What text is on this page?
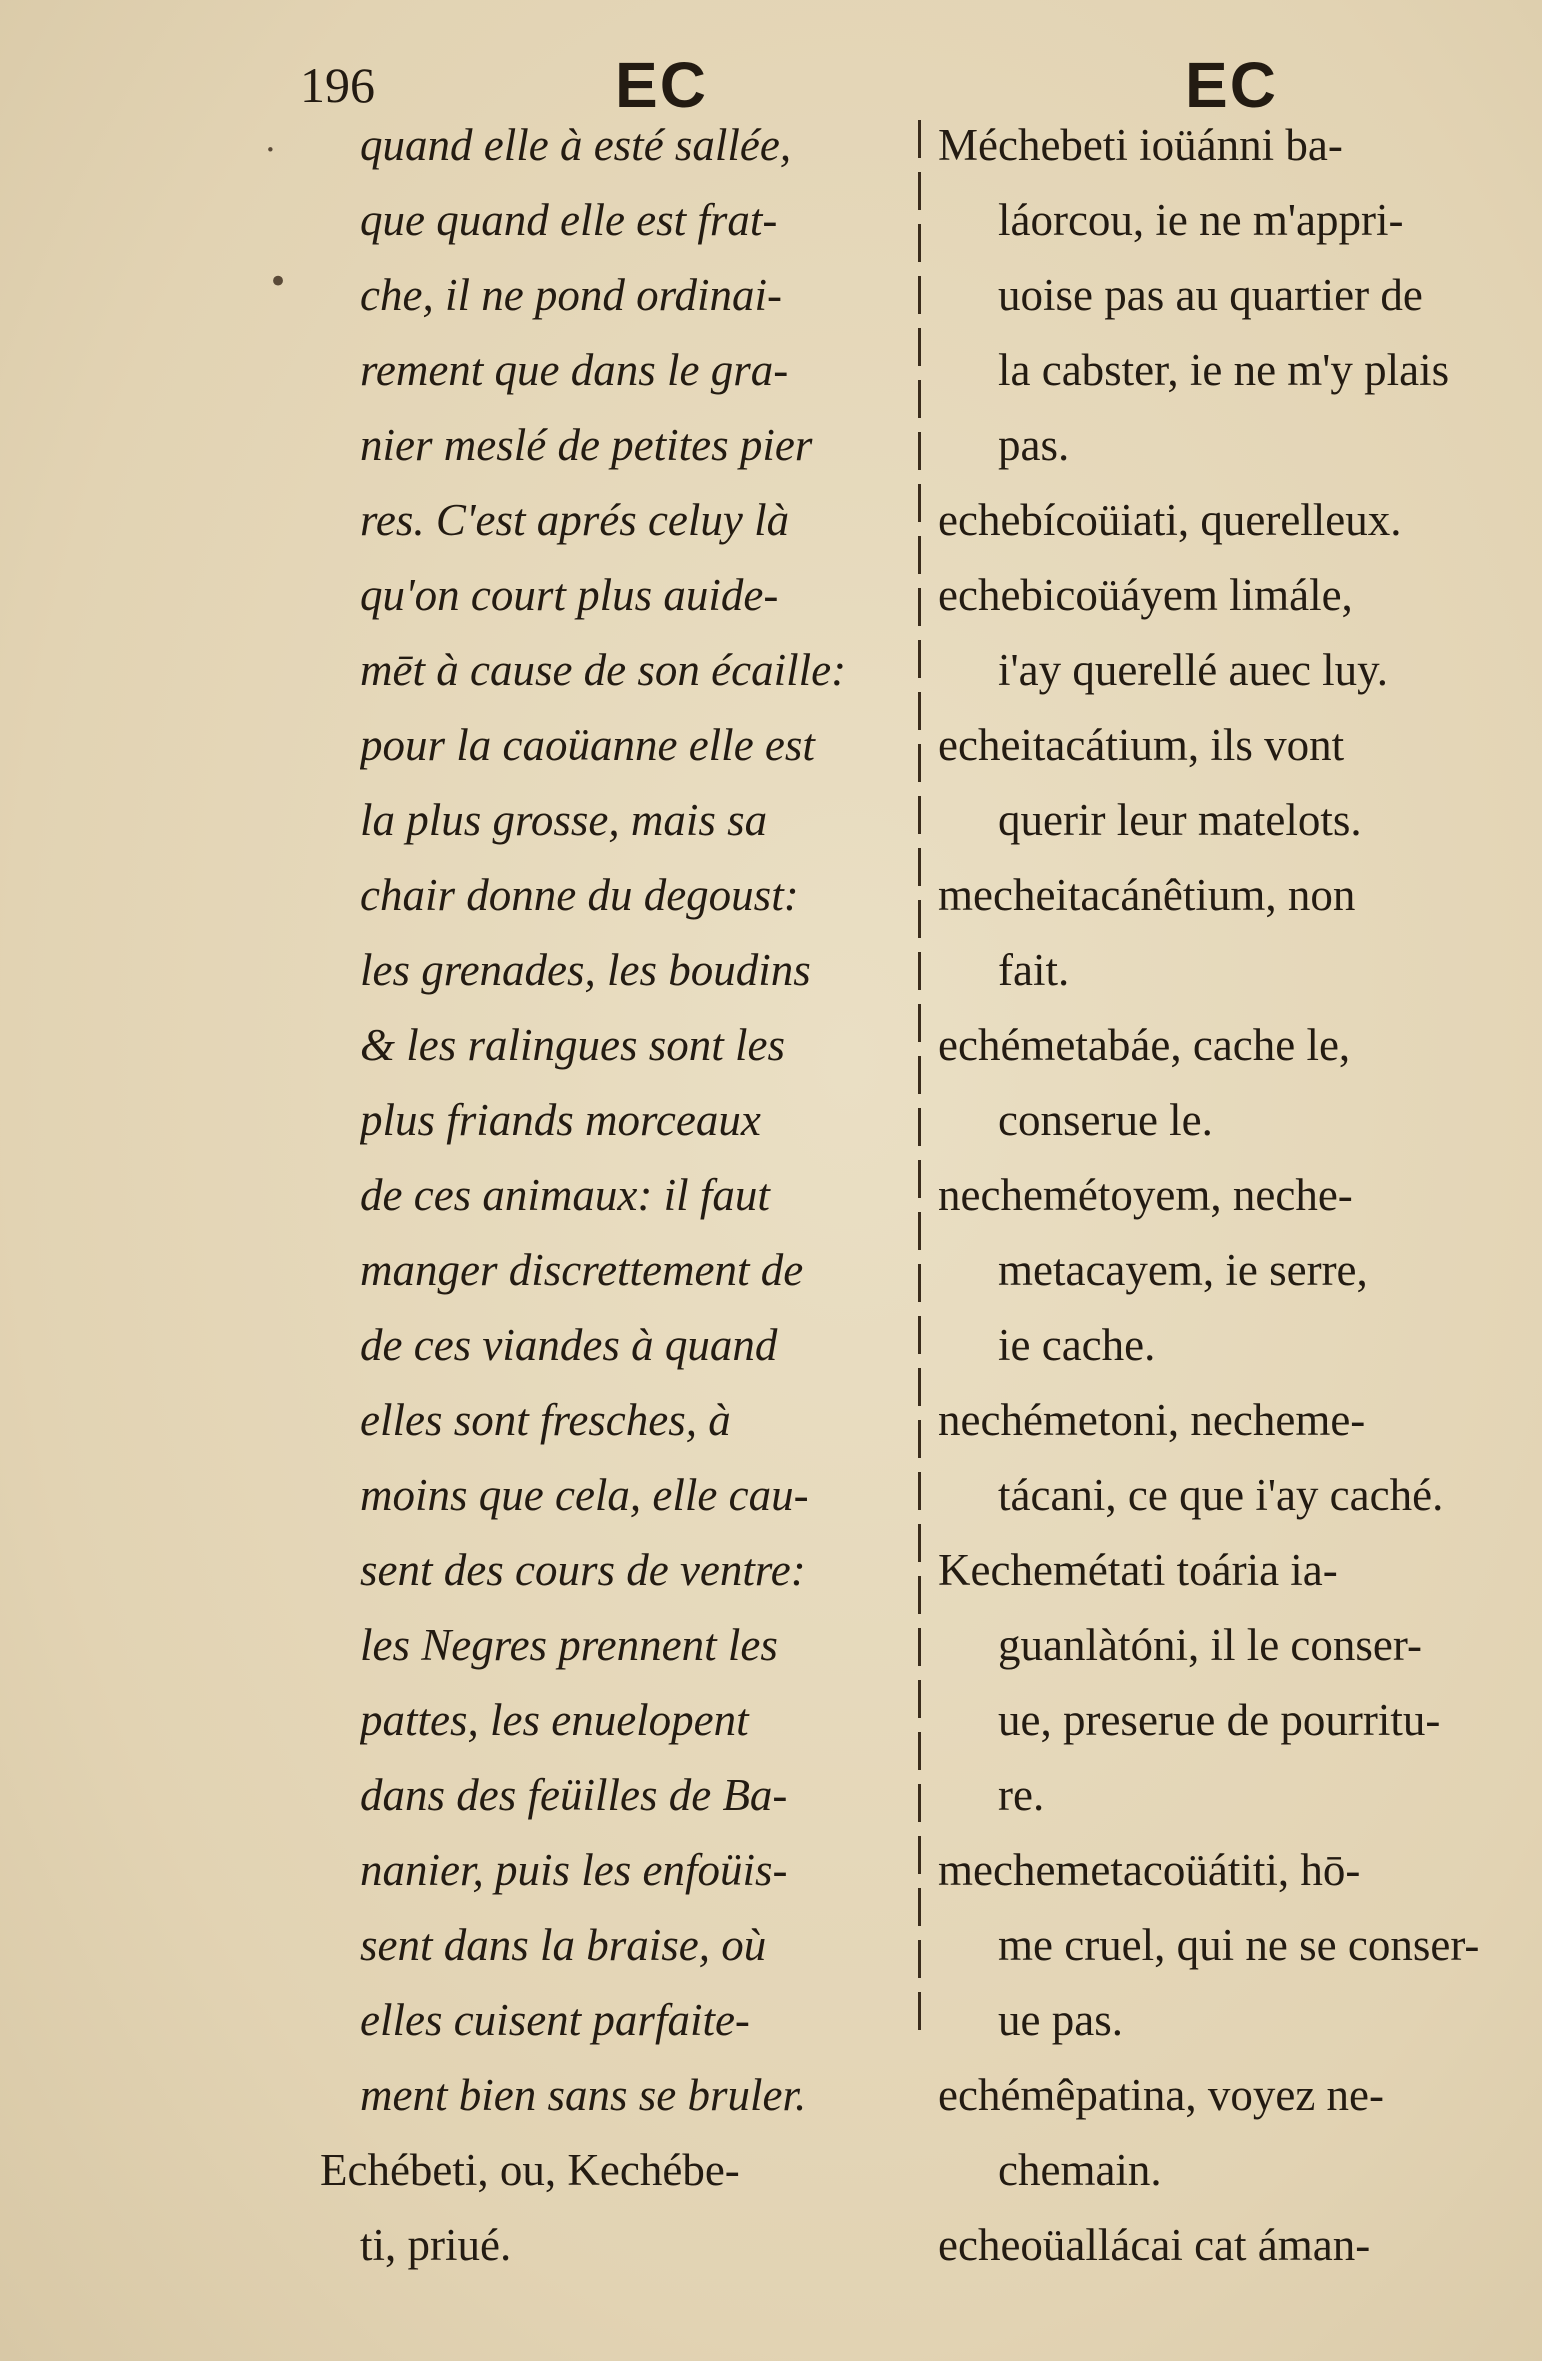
196	EC	EC
·
•
quand elle à esté sallée,
que quand elle est frat-
che, il ne pond ordinai-
rement que dans le gra-
nier meslé de petites pier
res. C'est aprés celuy là
qu'on court plus auide-
mēt à cause de son écaille:
pour la caoüanne elle est
la plus grosse, mais sa
chair donne du degoust:
les grenades, les boudins
& les ralingues sont les
plus friands morceaux
de ces animaux: il faut
manger discrettement de
de ces viandes à quand
elles sont fresches, à
moins que cela, elle cau-
sent des cours de ventre:
les Negres prennent les
pattes, les enuelopent
dans des feüilles de Ba-
nanier, puis les enfoüis-
sent dans la braise, où
elles cuisent parfaite-
ment bien sans se bruler.
Echébeti, ou, Kechébe-
ti, priué.
Méchebeti ioüánni ba-
láorcou, ie ne m'appri-
uoise pas au quartier de
la cabster, ie ne m'y plais
pas.
echebícoüiati, querelleux.
echebicoüáyem limále,
i'ay querellé auec luy.
echeitacátium, ils vont
querir leur matelots.
mecheitacánêtium, non
fait.
echémetabáe, cache le,
conserue le.
nechemétoyem, neche-
metacayem, ie serre,
ie cache.
nechémetoni, necheme-
tácani, ce que i'ay caché.
Kechemétati toária ia-
guanlàtóni, il le conser-
ue, preserue de pourritu-
re.
mechemetacoüátiti, hō-
me cruel, qui ne se conser-
ue pas.
echémêpatina, voyez ne-
chemain.
echeoüallácai cat áman-
